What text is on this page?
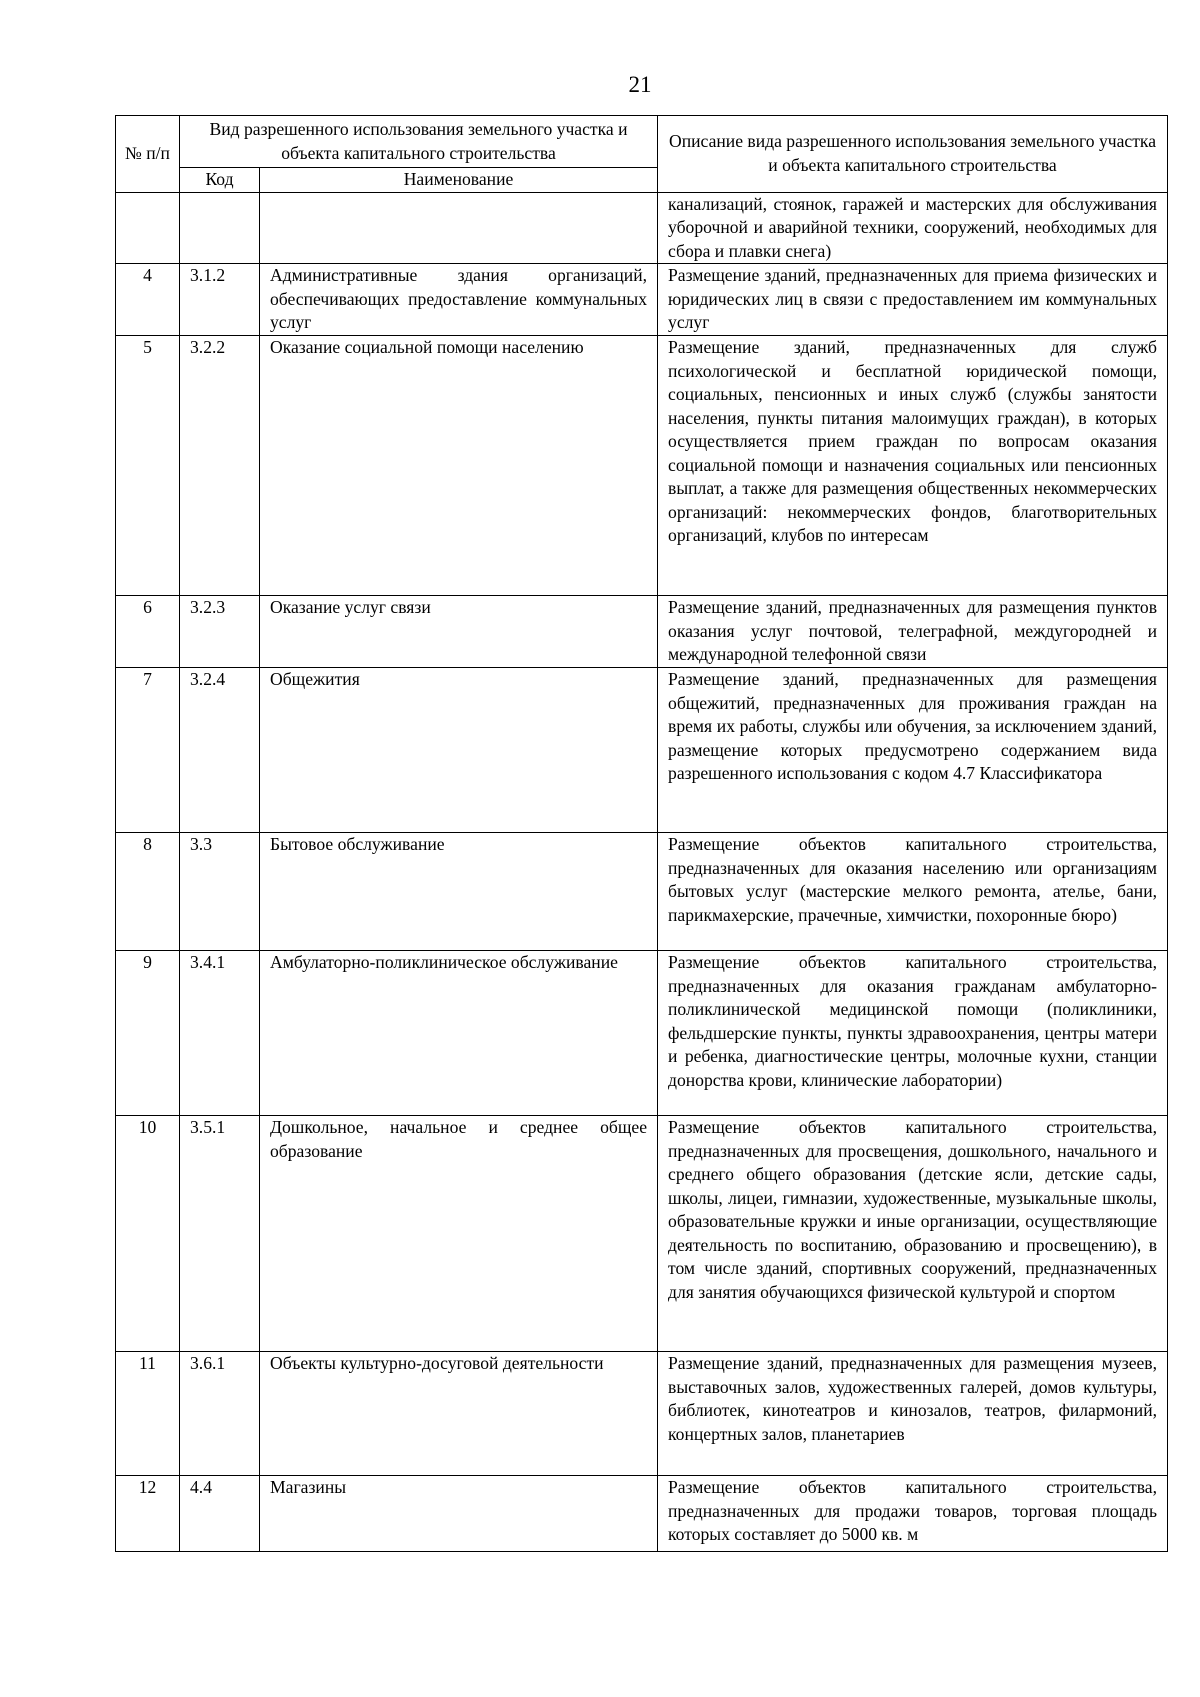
21
№ п/п	Вид разрешенного использования земельного участка и объекта капитального строительства		Описание вида разрешенного использования земельного участка и объекта капитального строительства
	Код	Наименование	
			канализаций, стоянок, гаражей и мастерских для обслуживания уборочной и аварийной техники, сооружений, необходимых для сбора и плавки снега)
4	3.1.2	Административные здания организаций, обеспечивающих предоставление коммунальных услуг	Размещение зданий, предназначенных для приема физических и юридических лиц в связи с предоставлением им коммунальных услуг
5	3.2.2	Оказание социальной помощи населению	Размещение зданий, предназначенных для служб психологической и бесплатной юридической помощи, социальных, пенсионных и иных служб (службы занятости населения, пункты питания малоимущих граждан), в которых осуществляется прием граждан по вопросам оказания социальной помощи и назначения социальных или пенсионных выплат, а также для размещения общественных некоммерческих организаций: некоммерческих фондов, благотворительных организаций, клубов по интересам
6	3.2.3	Оказание услуг связи	Размещение зданий, предназначенных для размещения пунктов оказания услуг почтовой, телеграфной, междугородней и международной телефонной связи
7	3.2.4	Общежития	Размещение зданий, предназначенных для размещения общежитий, предназначенных для проживания граждан на время их работы, службы или обучения, за исключением зданий, размещение которых предусмотрено содержанием вида разрешенного использования с кодом 4.7 Классификатора
8	3.3	Бытовое обслуживание	Размещение объектов капитального строительства, предназначенных для оказания населению или организациям бытовых услуг (мастерские мелкого ремонта, ателье, бани, парикмахерские, прачечные, химчистки, похоронные бюро)
9	3.4.1	Амбулаторно-поликлиническое обслуживание	Размещение объектов капитального строительства, предназначенных для оказания гражданам амбулаторно-поликлинической медицинской помощи (поликлиники, фельдшерские пункты, пункты здравоохранения, центры матери и ребенка, диагностические центры, молочные кухни, станции донорства крови, клинические лаборатории)
10	3.5.1	Дошкольное, начальное и среднее общее образование	Размещение объектов капитального строительства, предназначенных для просвещения, дошкольного, начального и среднего общего образования (детские ясли, детские сады, школы, лицеи, гимназии, художественные, музыкальные школы, образовательные кружки и иные организации, осуществляющие деятельность по воспитанию, образованию и просвещению), в том числе зданий, спортивных сооружений, предназначенных для занятия обучающихся физической культурой и спортом
11	3.6.1	Объекты культурно-досуговой деятельности	Размещение зданий, предназначенных для размещения музеев, выставочных залов, художественных галерей, домов культуры, библиотек, кинотеатров и кинозалов, театров, филармоний, концертных залов, планетариев
12	4.4	Магазины	Размещение объектов капитального строительства, предназначенных для продажи товаров, торговая площадь которых составляет до 5000 кв. м
